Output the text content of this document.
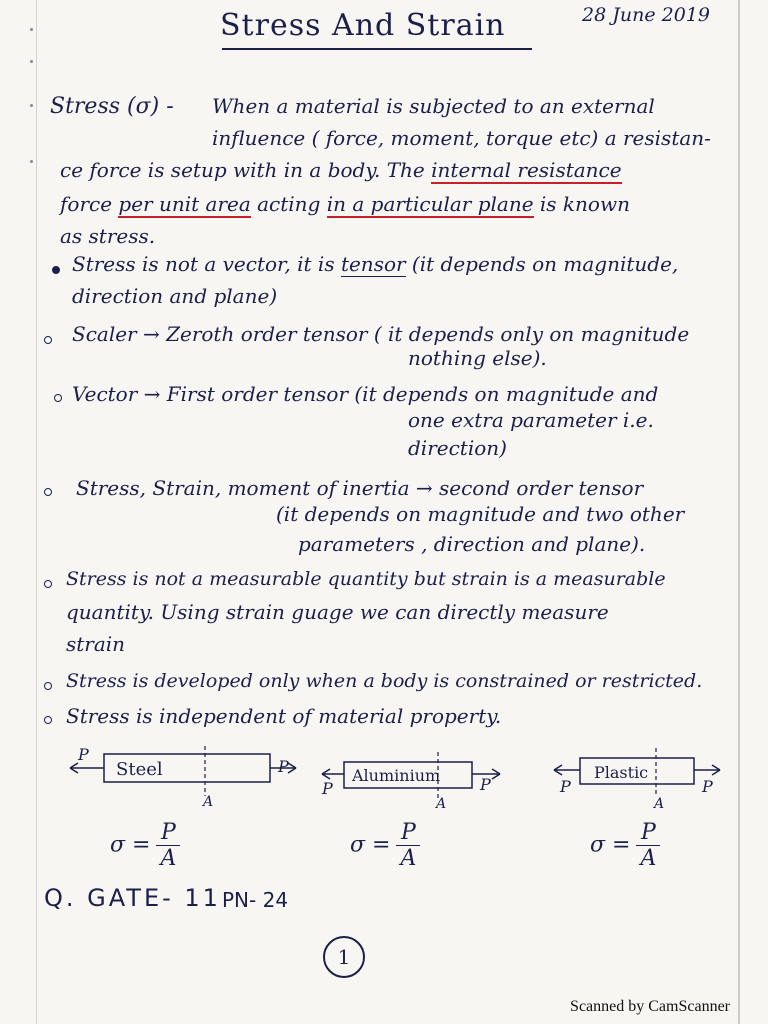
28 June 2019
Stress And Strain
Stress (σ) - When a material is subjected to an external
influence ( force, moment, torque etc) a resistan-
ce force is setup with in a body. The internal resistance
force per unit area acting in a particular plane is known
as stress.
Stress is not a vector, it is tensor (it depends on magnitude,
direction and plane)
Scaler → Zeroth order tensor ( it depends only on magnitude
nothing else).
Vector → First order tensor (it depends on magnitude and
one extra parameter i.e.
direction)
Stress, Strain, moment of inertia → second order tensor
(it depends on magnitude and two other
parameters , direction and plane).
Stress is not a measurable quantity but strain is a measurable
quantity. Using strain guage we can directly measure
strain
Stress is developed only when a body is constrained or restricted.
Stress is independent of material property.
P
Steel
A
P
P
Aluminium
A
P	P
Plastic
A
P
$\sigma = \frac{P}{A}$	$\sigma = \frac{P}{A}$	$\sigma = \frac{P}{A}$
Q. GATE- 11 PN- 24
1
Scanned by CamScanner
